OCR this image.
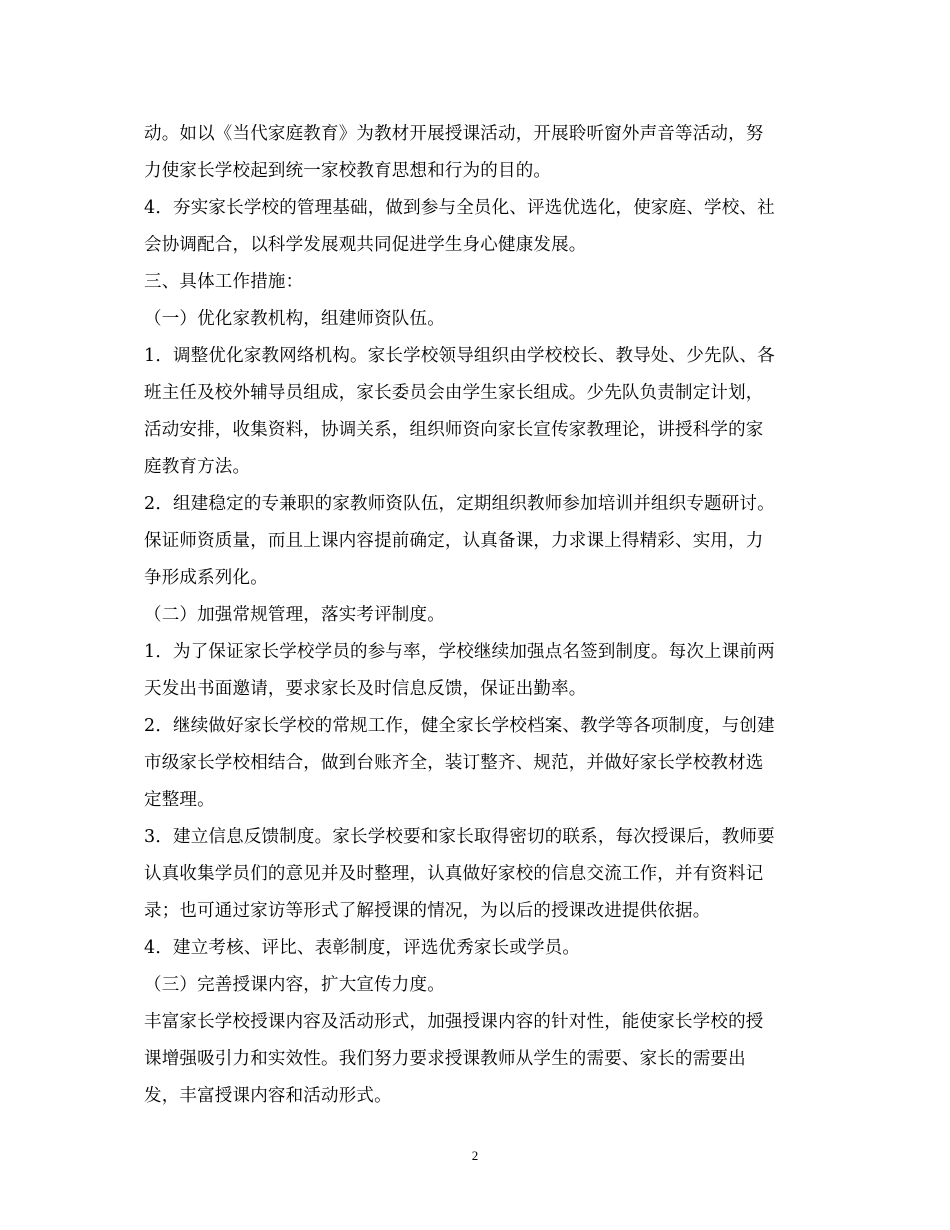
动。如以《当代家庭教育》为教材开展授课活动，开展聆听窗外声音等活动，努
力使家长学校起到统一家校教育思想和行为的目的。
4．夯实家长学校的管理基础，做到参与全员化、评选优选化，使家庭、学校、社
会协调配合，以科学发展观共同促进学生身心健康发展。
三、具体工作措施：
（一）优化家教机构，组建师资队伍。
1．调整优化家教网络机构。家长学校领导组织由学校校长、教导处、少先队、各
班主任及校外辅导员组成，家长委员会由学生家长组成。少先队负责制定计划，
活动安排，收集资料，协调关系，组织师资向家长宣传家教理论，讲授科学的家
庭教育方法。
2．组建稳定的专兼职的家教师资队伍，定期组织教师参加培训并组织专题研讨。
保证师资质量，而且上课内容提前确定，认真备课，力求课上得精彩、实用，力
争形成系列化。
（二）加强常规管理，落实考评制度。
1．为了保证家长学校学员的参与率，学校继续加强点名签到制度。每次上课前两
天发出书面邀请，要求家长及时信息反馈，保证出勤率。
2．继续做好家长学校的常规工作，健全家长学校档案、教学等各项制度，与创建
市级家长学校相结合，做到台账齐全，装订整齐、规范，并做好家长学校教材选
定整理。
3．建立信息反馈制度。家长学校要和家长取得密切的联系，每次授课后，教师要
认真收集学员们的意见并及时整理，认真做好家校的信息交流工作，并有资料记
录；也可通过家访等形式了解授课的情况，为以后的授课改进提供依据。
4．建立考核、评比、表彰制度，评选优秀家长或学员。
（三）完善授课内容，扩大宣传力度。
丰富家长学校授课内容及活动形式，加强授课内容的针对性，能使家长学校的授
课增强吸引力和实效性。我们努力要求授课教师从学生的需要、家长的需要出
发，丰富授课内容和活动形式。
2
